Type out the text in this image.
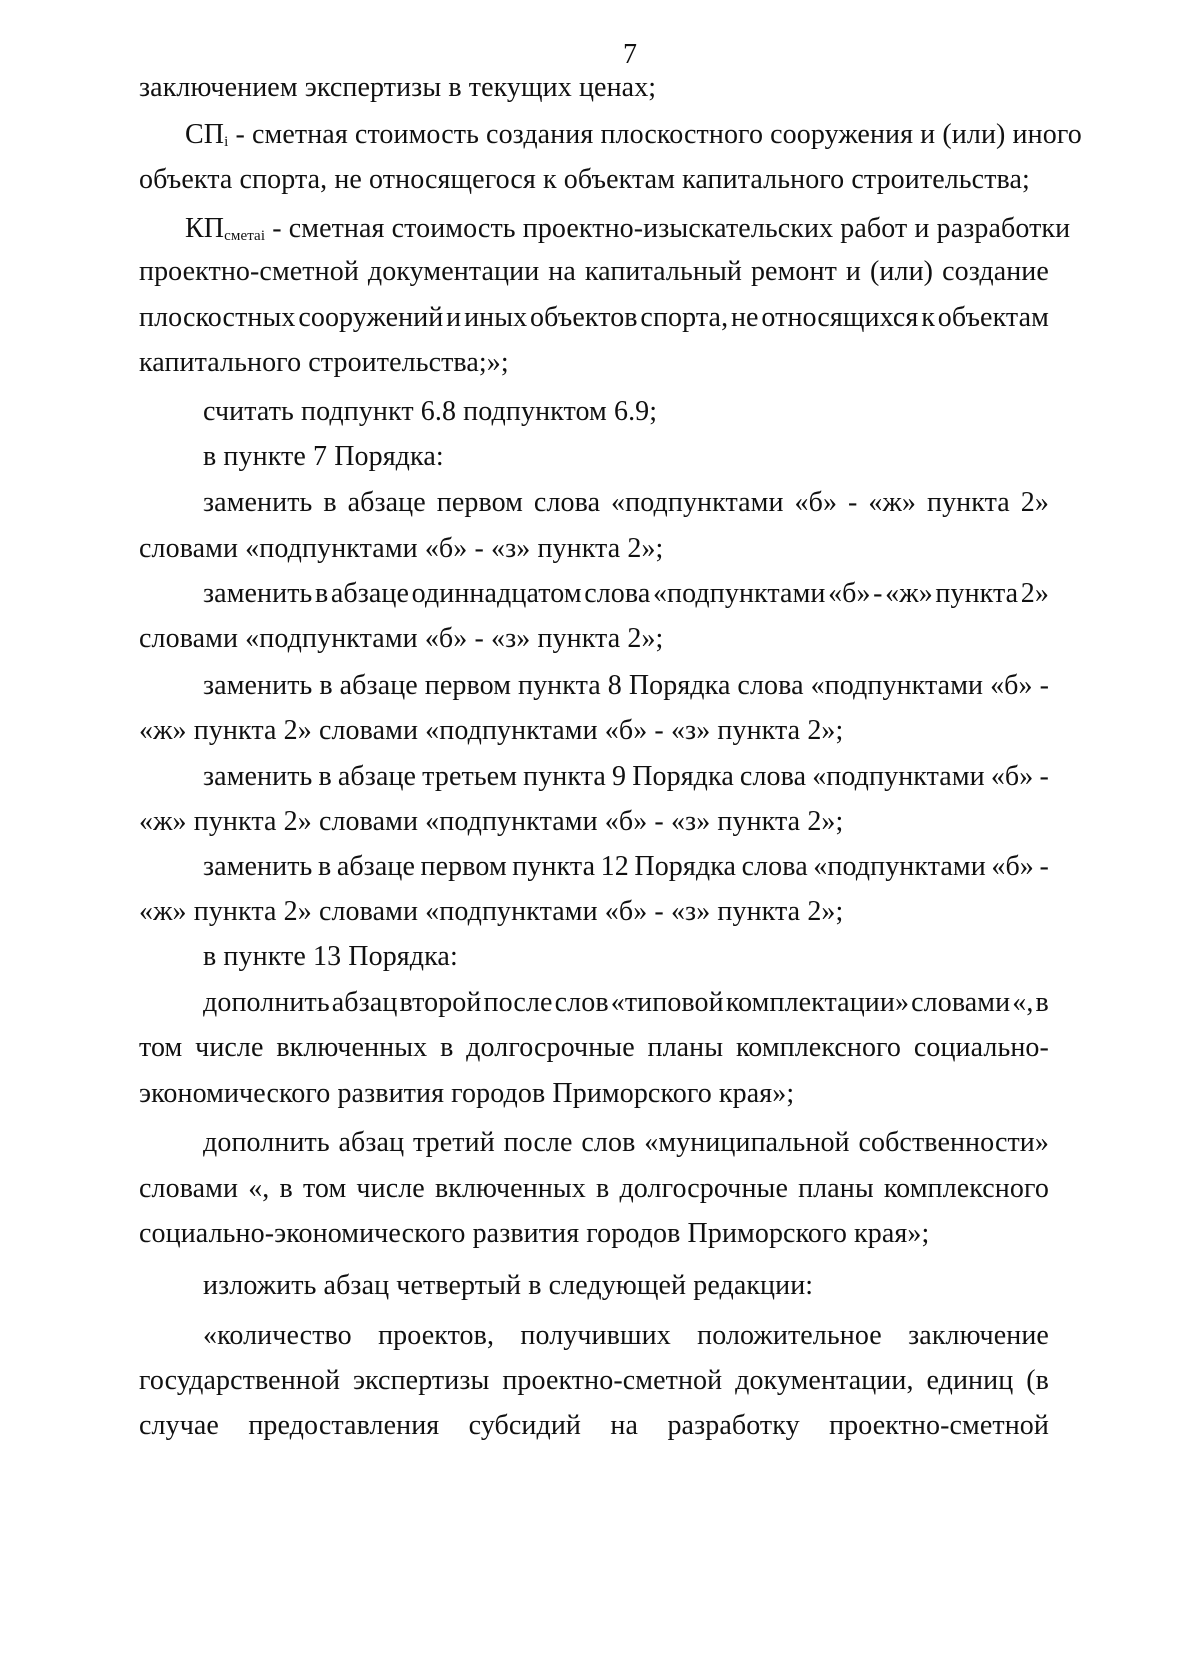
7
заключением экспертизы в текущих ценах;
$СП_i$ - сметная стоимость создания плоскостного сооружения и (или) иного
объекта спорта, не относящегося к объектам капитального строительства;
$КП_{сметаi}$ - сметная стоимость проектно-изыскательских работ и разработки
проектно-сметной документации на капитальный ремонт и (или) создание
плоскостных сооружений и иных объектов спорта, не относящихся к объектам
капитального строительства;»;
считать подпункт 6.8 подпунктом 6.9;
в пункте 7 Порядка:
заменить в абзаце первом слова «подпунктами «б» - «ж» пункта 2»
словами «подпунктами «б» - «з» пункта 2»;
заменить в абзаце одиннадцатом слова «подпунктами «б» - «ж» пункта 2»
словами «подпунктами «б» - «з» пункта 2»;
заменить в абзаце первом пункта 8 Порядка слова «подпунктами «б» -
«ж» пункта 2» словами «подпунктами «б» - «з» пункта 2»;
заменить в абзаце третьем пункта 9 Порядка слова «подпунктами «б» -
«ж» пункта 2» словами «подпунктами «б» - «з» пункта 2»;
заменить в абзаце первом пункта 12 Порядка слова «подпунктами «б» -
«ж» пункта 2» словами «подпунктами «б» - «з» пункта 2»;
в пункте 13 Порядка:
дополнить абзац второй после слов «типовой комплектации» словами «, в
том числе включенных в долгосрочные планы комплексного социально-
экономического развития городов Приморского края»;
дополнить абзац третий после слов «муниципальной собственности»
словами «, в том числе включенных в долгосрочные планы комплексного
социально-экономического развития городов Приморского края»;
изложить абзац четвертый в следующей редакции:
«количество проектов, получивших положительное заключение
государственной экспертизы проектно-сметной документации, единиц (в
случае предоставления субсидий на разработку проектно-сметной
